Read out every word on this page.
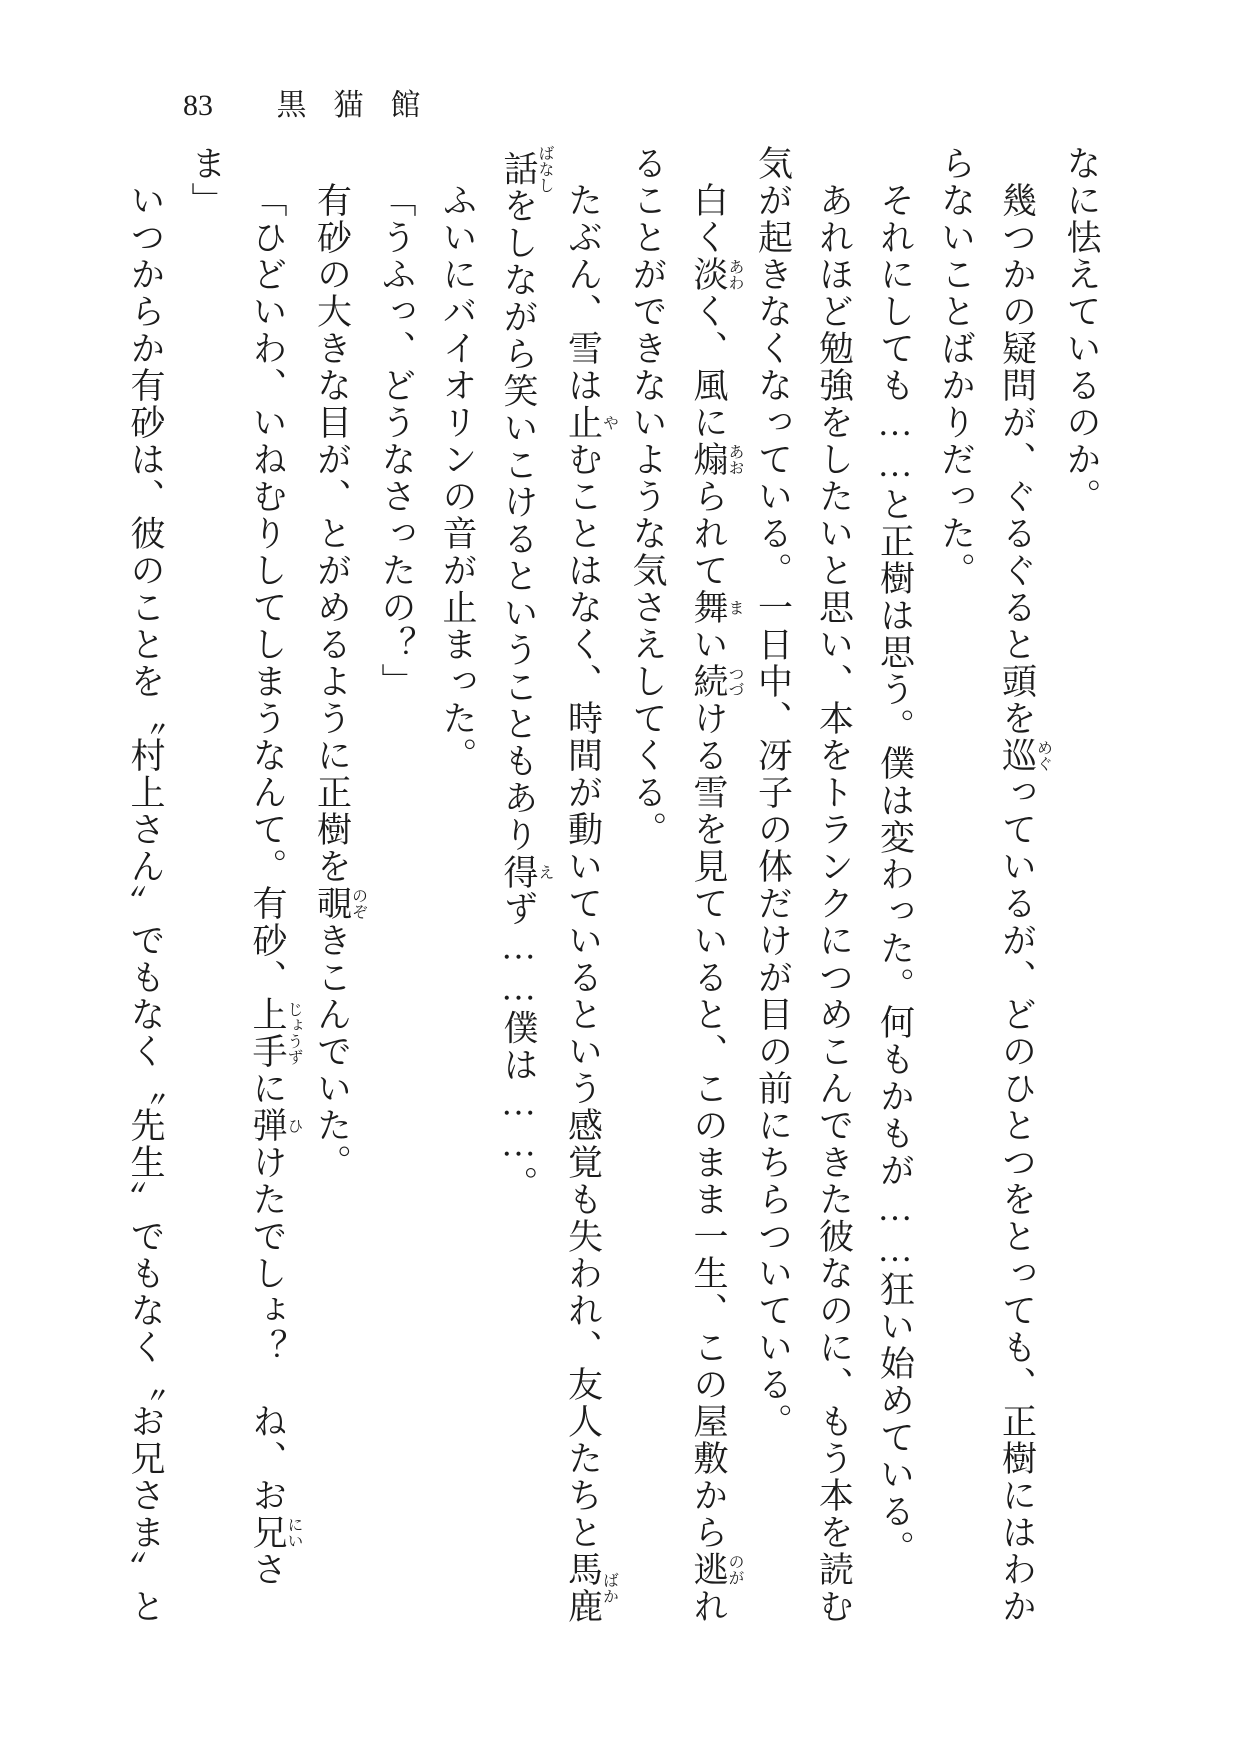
83 黒猫館

なに怯えているのか。

幾つかの疑問が、ぐるぐると頭を巡めぐっているが、どのひとつをとっても、正樹にはわか

らないことばかりだった。

それにしても……と正樹は思う。僕は変わった。何もかもが……狂い始めている。

あれほど勉強をしたいと思い、本をトランクにつめこんできた彼なのに、もう本を読む

気が起きなくなっている。一日中、冴子の体だけが目の前にちらついている。

白く淡あわく、風に煽あおられて舞まい続つづける雪を見ていると、このまま一生、この屋敷から逃のがれ

ることができないような気さえしてくる。

たぶん、雪は止やむことはなく、時間が動いているという感覚も失われ、友人たちと馬鹿ばか

話ばなしをしながら笑いこけるということもあり得えず……僕は……。

ふいにバイオリンの音が止まった。

「うふっ、どうなさったの？」

有砂の大きな目が、とがめるように正樹を覗のぞきこんでいた。

「ひどいわ、いねむりしてしまうなんて。有砂、上手じょうずに弾ひけたでしょ？　ね、お兄にいさ

ま」

いつからか有砂は、彼のことを〝村上さん〟でもなく〝先生〟でもなく〝お兄さま〟と
